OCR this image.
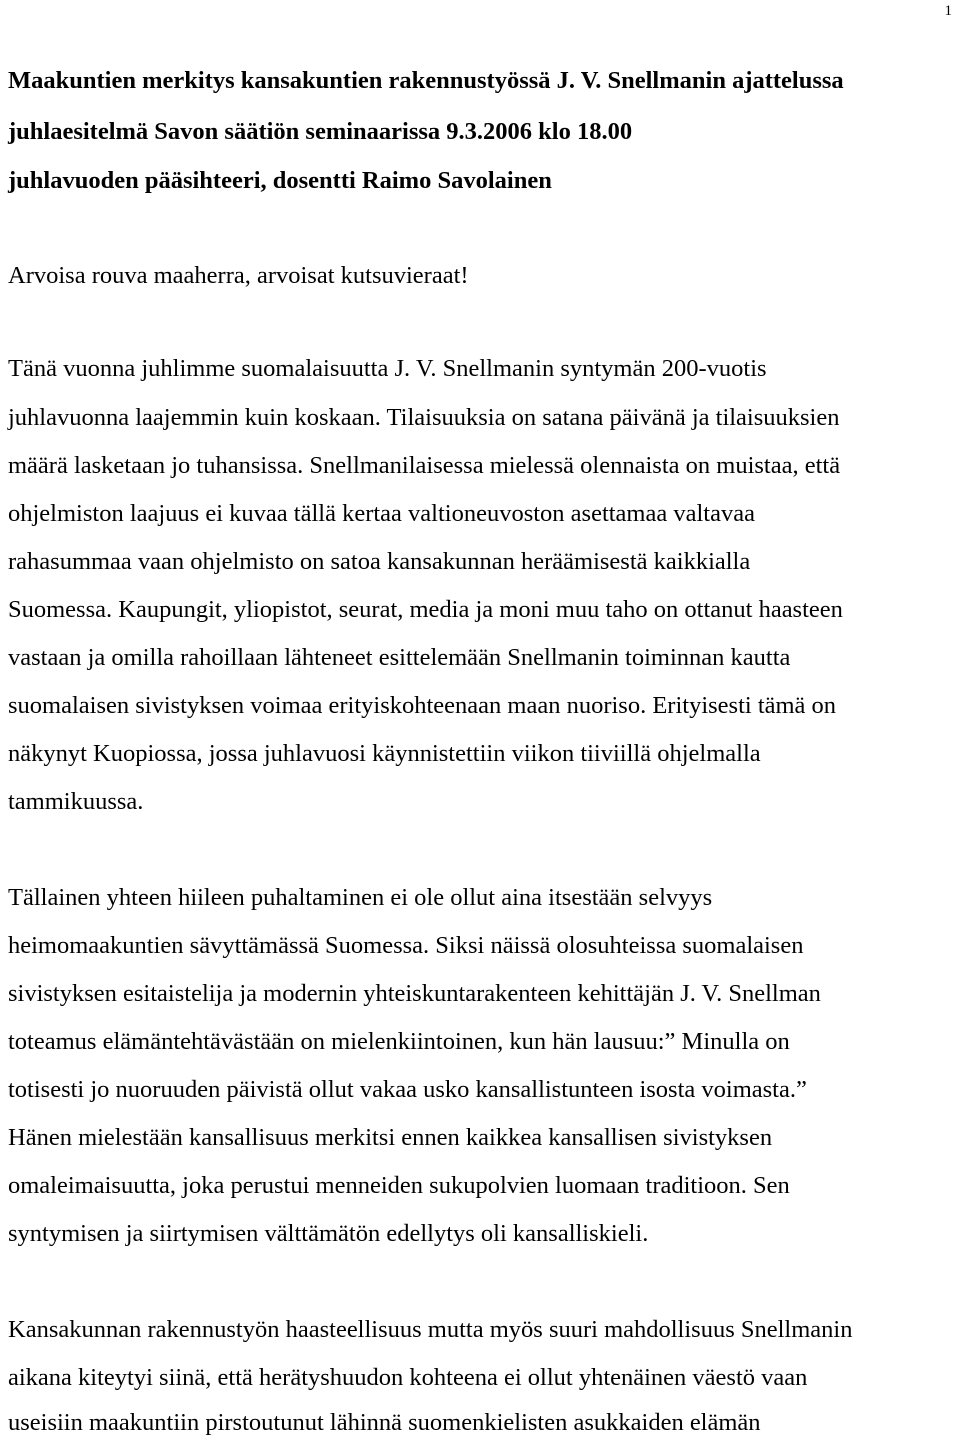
1
Maakuntien merkitys kansakuntien rakennustyössä J. V. Snellmanin ajattelussa
juhlaesitelmä Savon säätiön seminaarissa 9.3.2006 klo 18.00
juhlavuoden pääsihteeri, dosentti Raimo Savolainen
Arvoisa rouva maaherra, arvoisat kutsuvieraat!
Tänä vuonna juhlimme suomalaisuutta J. V. Snellmanin syntymän 200-vuotis
juhlavuonna laajemmin kuin koskaan. Tilaisuuksia on satana päivänä ja tilaisuuksien
määrä lasketaan jo tuhansissa. Snellmanilaisessa mielessä olennaista on muistaa, että
ohjelmiston laajuus ei kuvaa tällä kertaa valtioneuvoston asettamaa valtavaa
rahasummaa vaan ohjelmisto on satoa kansakunnan heräämisestä kaikkialla
Suomessa. Kaupungit, yliopistot, seurat, media ja moni muu taho on ottanut haasteen
vastaan ja omilla rahoillaan lähteneet esittelemään Snellmanin toiminnan kautta
suomalaisen sivistyksen voimaa erityiskohteenaan maan nuoriso. Erityisesti tämä on
näkynyt Kuopiossa, jossa juhlavuosi käynnistettiin viikon tiiviillä ohjelmalla
tammikuussa.
Tällainen yhteen hiileen puhaltaminen ei ole ollut aina itsestään selvyys
heimomaakuntien sävyttämässä Suomessa. Siksi näissä olosuhteissa suomalaisen
sivistyksen esitaistelija ja modernin yhteiskuntarakenteen kehittäjän J. V. Snellman
toteamus elämäntehtävästään on mielenkiintoinen, kun hän lausuu:” Minulla on
totisesti jo nuoruuden päivistä ollut vakaa usko kansallistunteen isosta voimasta.”
Hänen mielestään kansallisuus merkitsi ennen kaikkea kansallisen sivistyksen
omaleimaisuutta, joka perustui menneiden sukupolvien luomaan traditioon. Sen
syntymisen ja siirtymisen välttämätön edellytys oli kansalliskieli.
Kansakunnan rakennustyön haasteellisuus mutta myös suuri mahdollisuus Snellmanin
aikana kiteytyi siinä, että herätyshuudon kohteena ei ollut yhtenäinen väestö vaan
useisiin maakuntiin pirstoutunut lähinnä suomenkielisten asukkaiden elämän
